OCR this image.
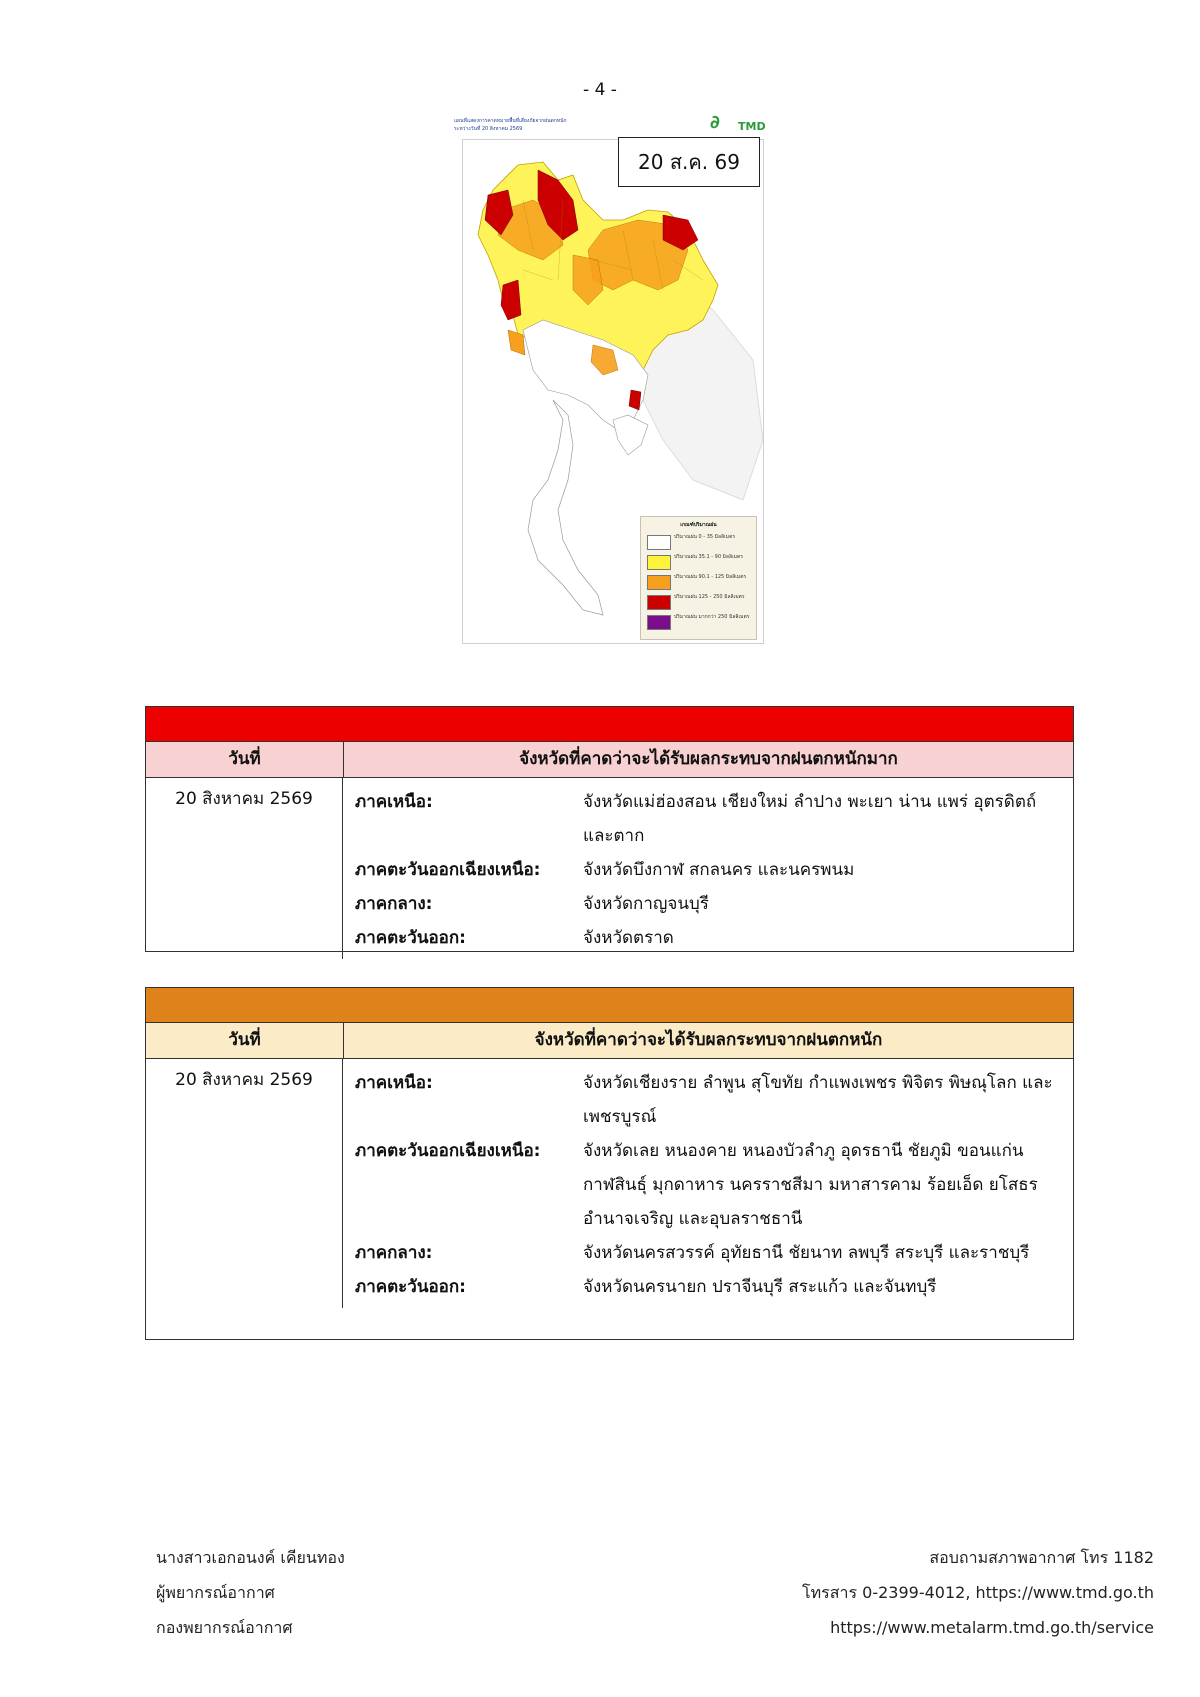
- 4 -
แผนที่แสดงการคาดหมายพื้นที่เสี่ยงภัยจากฝนตกหนัก
ระหว่างวันที่ 20 สิงหาคม 2569	∂ TMD
20 ส.ค. 69
เกณฑ์ปริมาณฝน
ปริมาณฝน 0 - 35 มิลลิเมตร
ปริมาณฝน 35.1 - 90 มิลลิเมตร
ปริมาณฝน 90.1 - 125 มิลลิเมตร
ปริมาณฝน 125 - 250 มิลลิเมตร
ปริมาณฝน มากกว่า 250 มิลลิเมตร
วันที่	จังหวัดที่คาดว่าจะได้รับผลกระทบจากฝนตกหนักมาก
20 สิงหาคม 2569	ภาคเหนือ:	จังหวัดแม่ฮ่องสอน เชียงใหม่ ลำปาง พะเยา น่าน แพร่ อุตรดิตถ์ และตาก
ภาคตะวันออกเฉียงเหนือ:	จังหวัดบึงกาฬ สกลนคร และนครพนม
ภาคกลาง:	จังหวัดกาญจนบุรี
ภาคตะวันออก:	จังหวัดตราด
วันที่	จังหวัดที่คาดว่าจะได้รับผลกระทบจากฝนตกหนัก
20 สิงหาคม 2569	ภาคเหนือ:	จังหวัดเชียงราย ลำพูน สุโขทัย กำแพงเพชร พิจิตร พิษณุโลก และเพชรบูรณ์
ภาคตะวันออกเฉียงเหนือ:	จังหวัดเลย หนองคาย หนองบัวลำภู อุดรธานี ชัยภูมิ ขอนแก่น กาฬสินธุ์ มุกดาหาร นครราชสีมา มหาสารคาม ร้อยเอ็ด ยโสธร อำนาจเจริญ และอุบลราชธานี
ภาคกลาง:	จังหวัดนครสวรรค์ อุทัยธานี ชัยนาท ลพบุรี สระบุรี และราชบุรี
ภาคตะวันออก:	จังหวัดนครนายก ปราจีนบุรี สระแก้ว และจันทบุรี
นางสาวเอกอนงค์ เคียนทอง
ผู้พยากรณ์อากาศ
กองพยากรณ์อากาศ
สอบถามสภาพอากาศ โทร 1182
โทรสาร 0-2399-4012, https://www.tmd.go.th
https://www.metalarm.tmd.go.th/service
